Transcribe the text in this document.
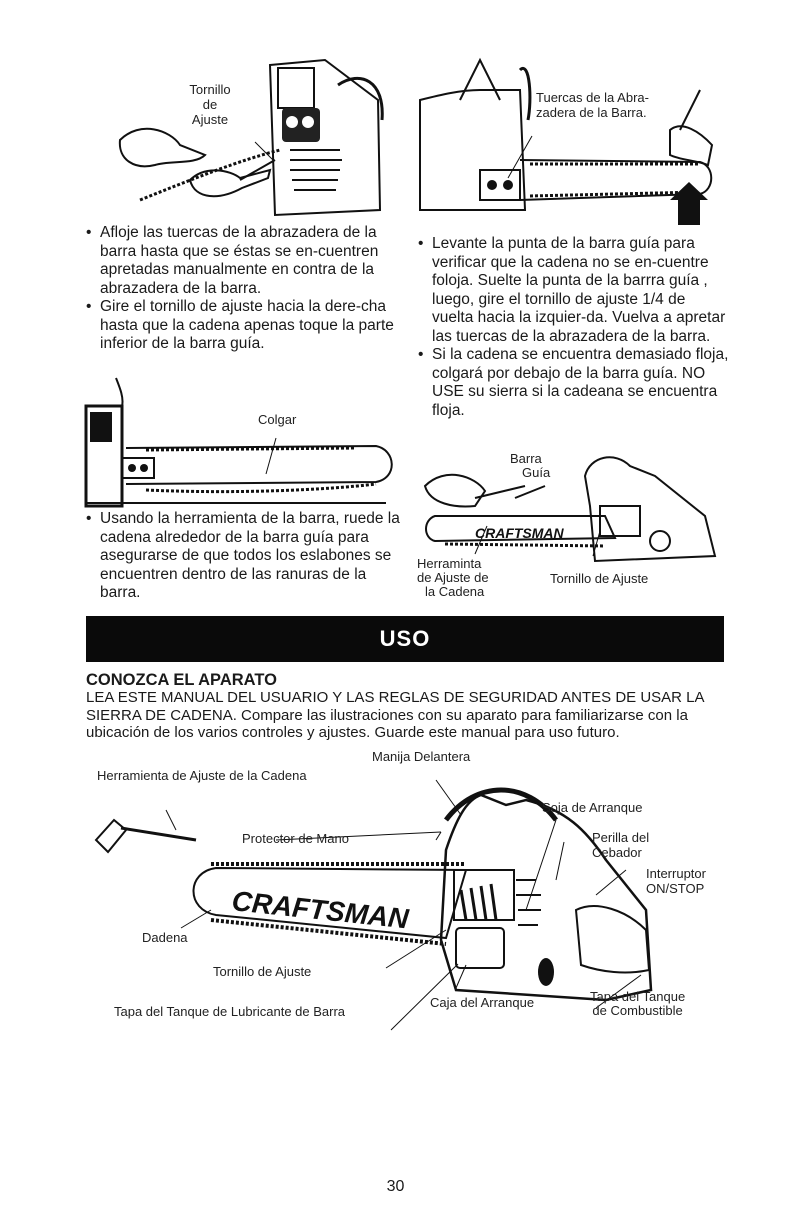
Tornillo
de
Ajuste
• Afloje las tuercas de la abrazadera de la barra hasta que se éstas se en-cuentren apretadas manualmente en contra de la abrazadera de la barra.
• Gire el tornillo de ajuste hacia la dere-cha hasta que la cadena apenas toque la parte inferior de la barra guía.
Colgar
• Usando la herramienta de la barra, ruede la cadena alrededor de la barra guía para asegurarse de que todos los eslabones se encuentren dentro de las ranuras de la barra.
Tuercas de la Abra-
zadera de la Barra.
• Levante la punta de la barra guía para verificar que la cadena no se en-cuentre foloja. Suelte la punta de la barrra guía , luego, gire el tornillo de ajuste 1/4 de vuelta hacia la izquier-da. Vuelva a apretar las tuercas de la abrazadera de la barra.
• Si la cadena se encuentra demasiado floja, colgará por debajo de la barra guía. NO USE su sierra si la cadeana se encuentra floja.
CRAFTSMAN
Barra
Guía
Herraminta
de Ajuste de
la Cadena
Tornillo de Ajuste
USO
CONOZCA EL APARATO

LEA ESTE MANUAL DEL USUARIO Y LAS REGLAS DE SEGURIDAD ANTES DE USAR LA SIERRA DE CADENA. Compare las ilustraciones con su aparato para familiarizarse con la ubicación de los varios controles y ajustes. Guarde este manual para uso futuro.

CRAFTSMAN
Manija Delantera
Herramienta de Ajuste de la Cadena
Soja de Arranque
Protector de Mano	Perilla del
Cebador
Interruptor
ON/STOP
Dadena
Tornillo de Ajuste
Caja del Arranque	Tapa del Tanque
de Combustible
Tapa del Tanque de Lubricante de Barra
30
